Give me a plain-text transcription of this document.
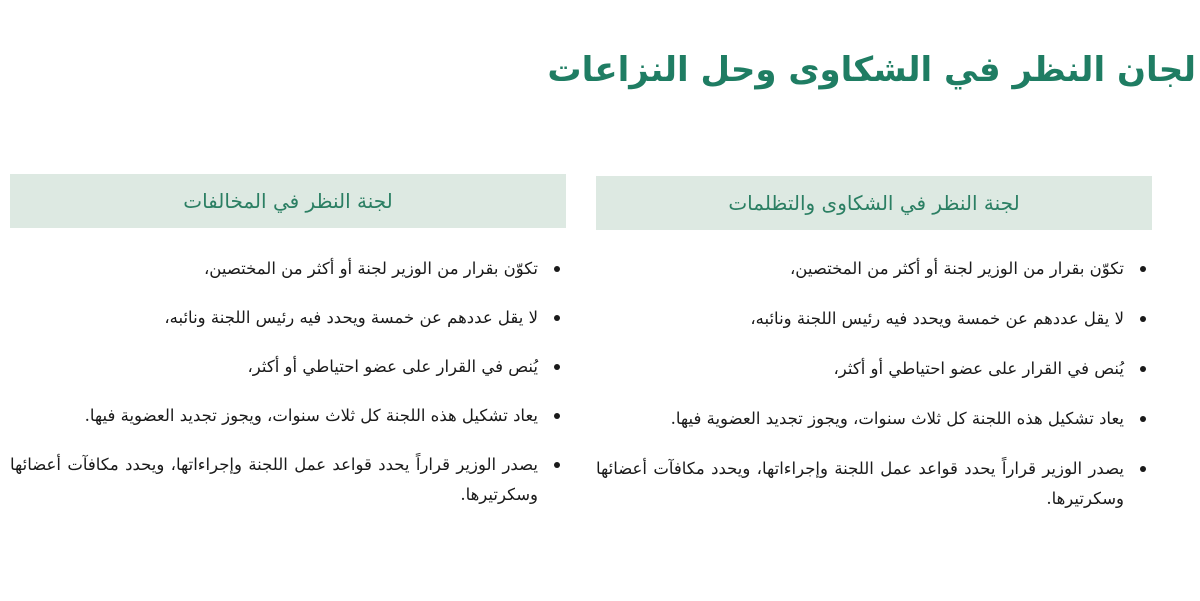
لجان النظر في الشكاوى وحل النزاعات
لجنة النظر في الشكاوى والتظلمات
تكوّن بقرار من الوزير لجنة أو أكثر من المختصين،
لا يقل عددهم عن خمسة ويحدد فيه رئيس اللجنة ونائبه،
يُنص في القرار على عضو احتياطي أو أكثر،
يعاد تشكيل هذه اللجنة كل ثلاث سنوات، ويجوز تجديد العضوية فيها.
يصدر الوزير قراراً يحدد قواعد عمل اللجنة وإجراءاتها، ويحدد مكافآت أعضائها وسكرتيرها.
لجنة النظر في المخالفات
تكوّن بقرار من الوزير لجنة أو أكثر من المختصين،
لا يقل عددهم عن خمسة ويحدد فيه رئيس اللجنة ونائبه،
يُنص في القرار على عضو احتياطي أو أكثر،
يعاد تشكيل هذه اللجنة كل ثلاث سنوات، ويجوز تجديد العضوية فيها.
يصدر الوزير قراراً يحدد قواعد عمل اللجنة وإجراءاتها، ويحدد مكافآت أعضائها وسكرتيرها.
